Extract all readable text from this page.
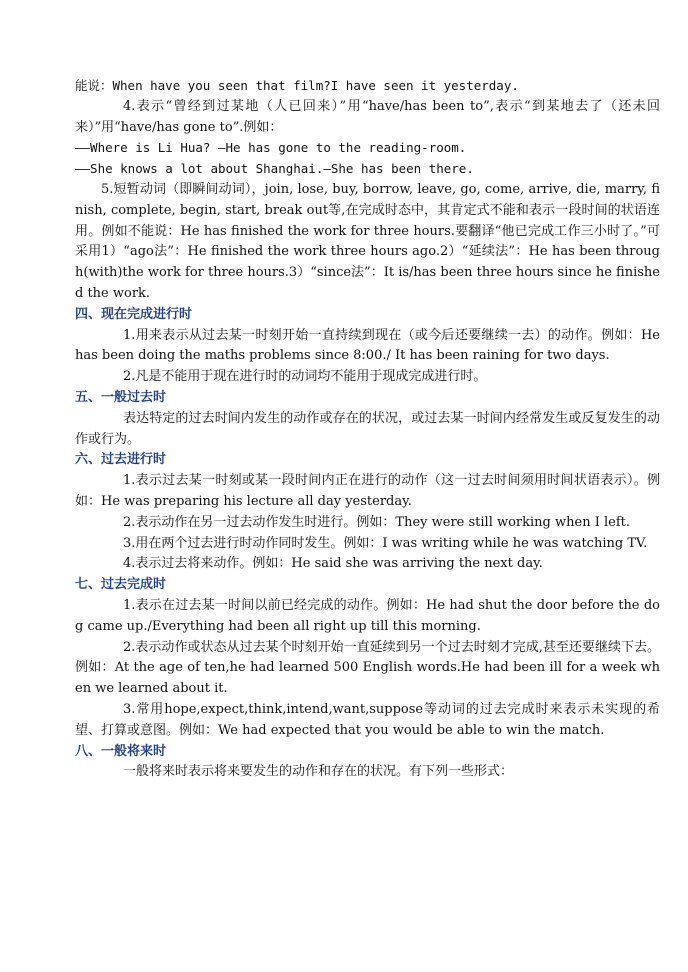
能说：When have you seen that film?I have seen it yesterday.

4.表示“曾经到过某地（人已回来）”用“have/has been to”,表示“到某地去了（还未回来）”用“have/has gone to”.例如：

——Where is Li Hua? —He has gone to the reading-room.

——She knows a lot about Shanghai.—She has been there.

5.短暂动词（即瞬间动词），join, lose, buy, borrow, leave, go, come, arrive, die, marry, finish, complete, begin, start, break out等,在完成时态中，其肯定式不能和表示一段时间的状语连用。例如不能说：He has finished the work for three hours.要翻译“他已完成工作三小时了。”可采用1）“ago法”：He finished the work three hours ago.2）“延续法”：He has been through(with)the work for three hours.3）“since法”：It is/has been three hours since he finished the work.

四、现在完成进行时

1.用来表示从过去某一时刻开始一直持续到现在（或今后还要继续一去）的动作。例如：He has been doing the maths problems since 8:00./ It has been raining for two days.

2.凡是不能用于现在进行时的动词均不能用于现成完成进行时。

五、一般过去时

表达特定的过去时间内发生的动作或存在的状况，或过去某一时间内经常发生或反复发生的动作或行为。

六、过去进行时

1.表示过去某一时刻或某一段时间内正在进行的动作（这一过去时间须用时间状语表示）。例如：He was preparing his lecture all day yesterday.

2.表示动作在另一过去动作发生时进行。例如：They were still working when I left.

3.用在两个过去进行时动作同时发生。例如：I was writing while he was watching TV.

4.表示过去将来动作。例如：He said she was arriving the next day.

七、过去完成时

1.表示在过去某一时间以前已经完成的动作。例如：He had shut the door before the dog came up./Everything had been all right up till this morning.

2.表示动作或状态从过去某个时刻开始一直延续到另一个过去时刻才完成,甚至还要继续下去。例如：At the age of ten,he had learned 500 English words.He had been ill for a week when we learned about it.

3.常用hope,expect,think,intend,want,suppose等动词的过去完成时来表示未实现的希望、打算或意图。例如：We had expected that you would be able to win the match.

八、一般将来时

一般将来时表示将来要发生的动作和存在的状况。有下列一些形式：
